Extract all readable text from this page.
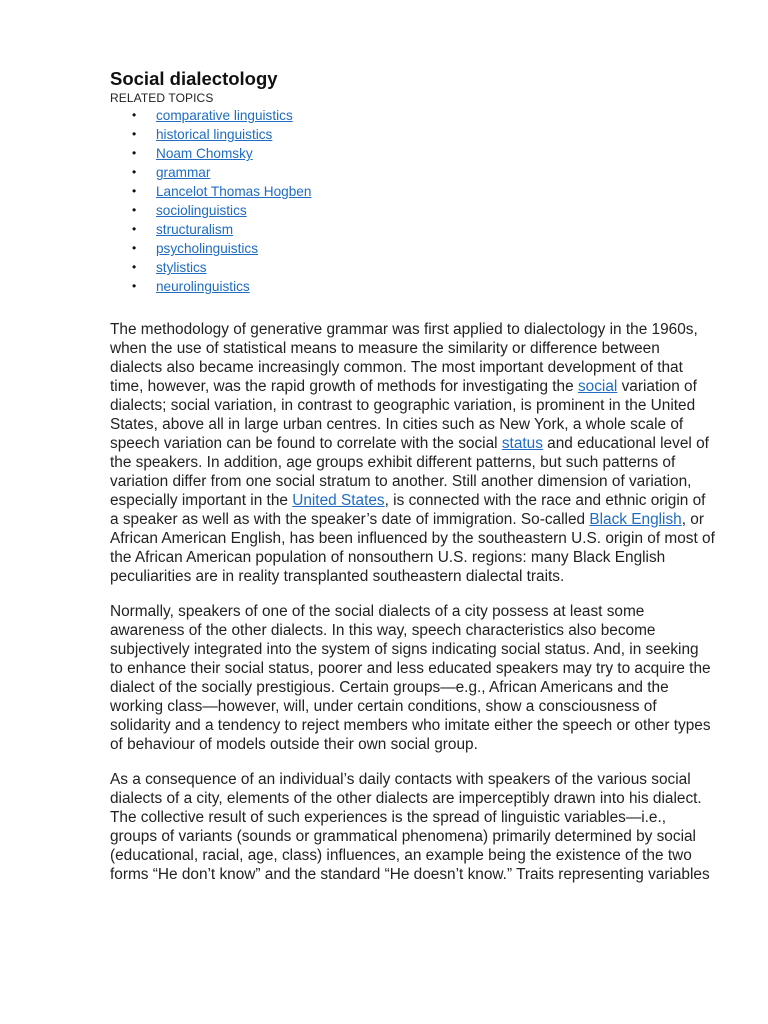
Social dialectology
RELATED TOPICS
• comparative linguistics
• historical linguistics
• Noam Chomsky
• grammar
• Lancelot Thomas Hogben
• sociolinguistics
• structuralism
• psycholinguistics
• stylistics
• neurolinguistics

The methodology of generative grammar was first applied to dialectology in the 1960s, when the use of statistical means to measure the similarity or difference between dialects also became increasingly common. The most important development of that time, however, was the rapid growth of methods for investigating the social variation of dialects; social variation, in contrast to geographic variation, is prominent in the United States, above all in large urban centres. In cities such as New York, a whole scale of speech variation can be found to correlate with the social status and educational level of the speakers. In addition, age groups exhibit different patterns, but such patterns of variation differ from one social stratum to another. Still another dimension of variation, especially important in the United States, is connected with the race and ethnic origin of a speaker as well as with the speaker’s date of immigration. So-called Black English, or African American English, has been influenced by the southeastern U.S. origin of most of the African American population of nonsouthern U.S. regions: many Black English peculiarities are in reality transplanted southeastern dialectal traits.

Normally, speakers of one of the social dialects of a city possess at least some awareness of the other dialects. In this way, speech characteristics also become subjectively integrated into the system of signs indicating social status. And, in seeking to enhance their social status, poorer and less educated speakers may try to acquire the dialect of the socially prestigious. Certain groups—e.g., African Americans and the working class—however, will, under certain conditions, show a consciousness of solidarity and a tendency to reject members who imitate either the speech or other types of behaviour of models outside their own social group.

As a consequence of an individual’s daily contacts with speakers of the various social dialects of a city, elements of the other dialects are imperceptibly drawn into his dialect. The collective result of such experiences is the spread of linguistic variables—i.e., groups of variants (sounds or grammatical phenomena) primarily determined by social (educational, racial, age, class) influences, an example being the existence of the two forms “He don’t know” and the standard “He doesn’t know.” Traits representing variables
